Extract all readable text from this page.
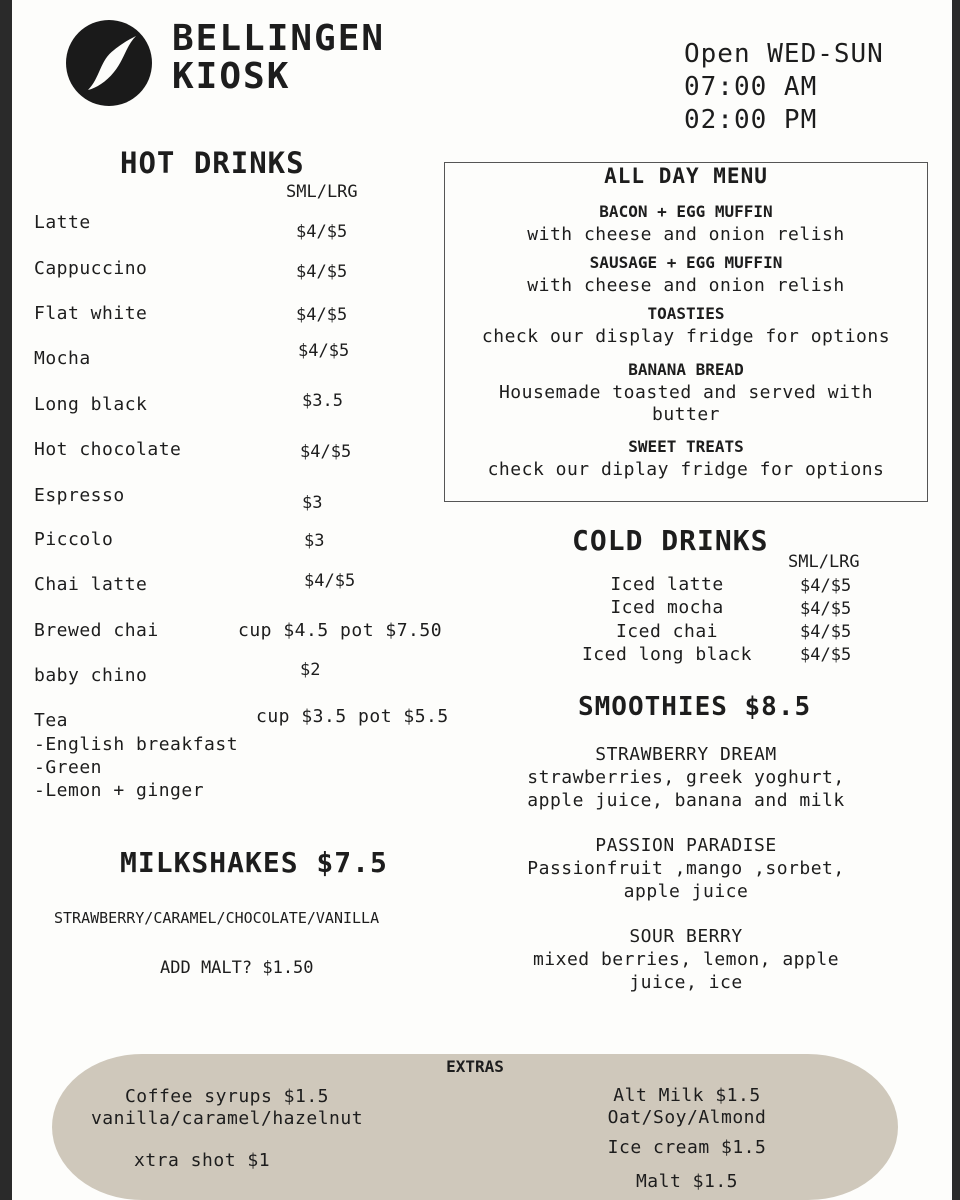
BELLINGEN
KIOSK
Open WED-SUN
07:00 AM
02:00 PM
HOT DRINKS
SML/LRG
Latte	$4/$5
Cappuccino	$4/$5
Flat white	$4/$5
Mocha	$4/$5
Long black	$3.5
Hot chocolate	$4/$5
Espresso	$3
Piccolo	$3
Chai latte	$4/$5
Brewed chai	cup $4.5 pot $7.50
baby chino	$2
Tea	cup $3.5 pot $5.5
-English breakfast
-Green
-Lemon + ginger
MILKSHAKES $7.5
STRAWBERRY/CARAMEL/CHOCOLATE/VANILLA
ADD MALT? $1.50
ALL DAY MENU
BACON + EGG MUFFIN
with cheese and onion relish
SAUSAGE + EGG MUFFIN
with cheese and onion relish
TOASTIES
check our display fridge for options
BANANA BREAD
Housemade toasted and served with
butter
SWEET TREATS
check our diplay fridge for options
COLD DRINKS
SML/LRG
Iced latte	$4/$5
Iced mocha	$4/$5
Iced chai	$4/$5
Iced long black	$4/$5
SMOOTHIES $8.5
STRAWBERRY DREAM
strawberries, greek yoghurt,
apple juice, banana and milk
PASSION PARADISE
Passionfruit ,mango ,sorbet,
apple juice
SOUR BERRY
mixed berries, lemon, apple
juice, ice
EXTRAS
Coffee syrups $1.5
vanilla/caramel/hazelnut
xtra shot $1
Alt Milk $1.5
Oat/Soy/Almond
Ice cream $1.5
Malt $1.5
